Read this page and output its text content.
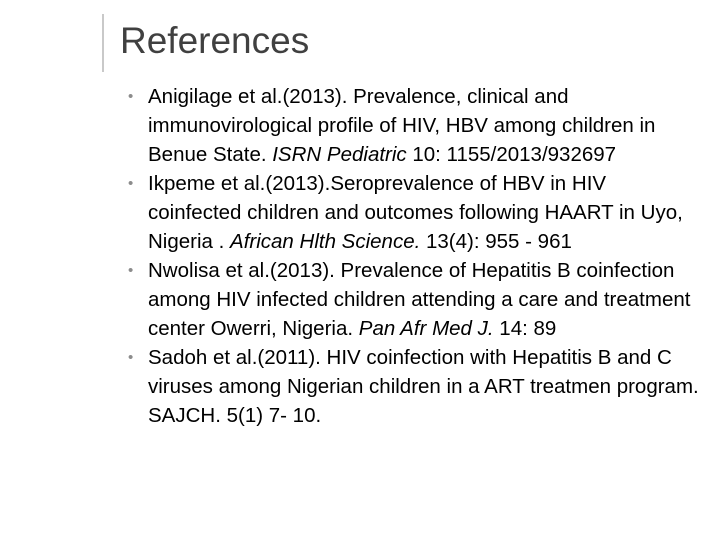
References
• Anigilage et al.(2013). Prevalence, clinical and immunovirological profile of HIV, HBV among children in Benue State. ISRN Pediatric 10: 1155/2013/932697
• Ikpeme et al.(2013).Seroprevalence of HBV in HIV coinfected children and outcomes following HAART in Uyo, Nigeria . African Hlth Science. 13(4): 955 - 961
• Nwolisa et al.(2013). Prevalence of Hepatitis B coinfection among HIV infected children attending a care and treatment center Owerri, Nigeria. Pan Afr Med J. 14: 89
• Sadoh et al.(2011). HIV coinfection with Hepatitis B and C viruses among Nigerian children in a ART treatmen program. SAJCH. 5(1) 7- 10.
